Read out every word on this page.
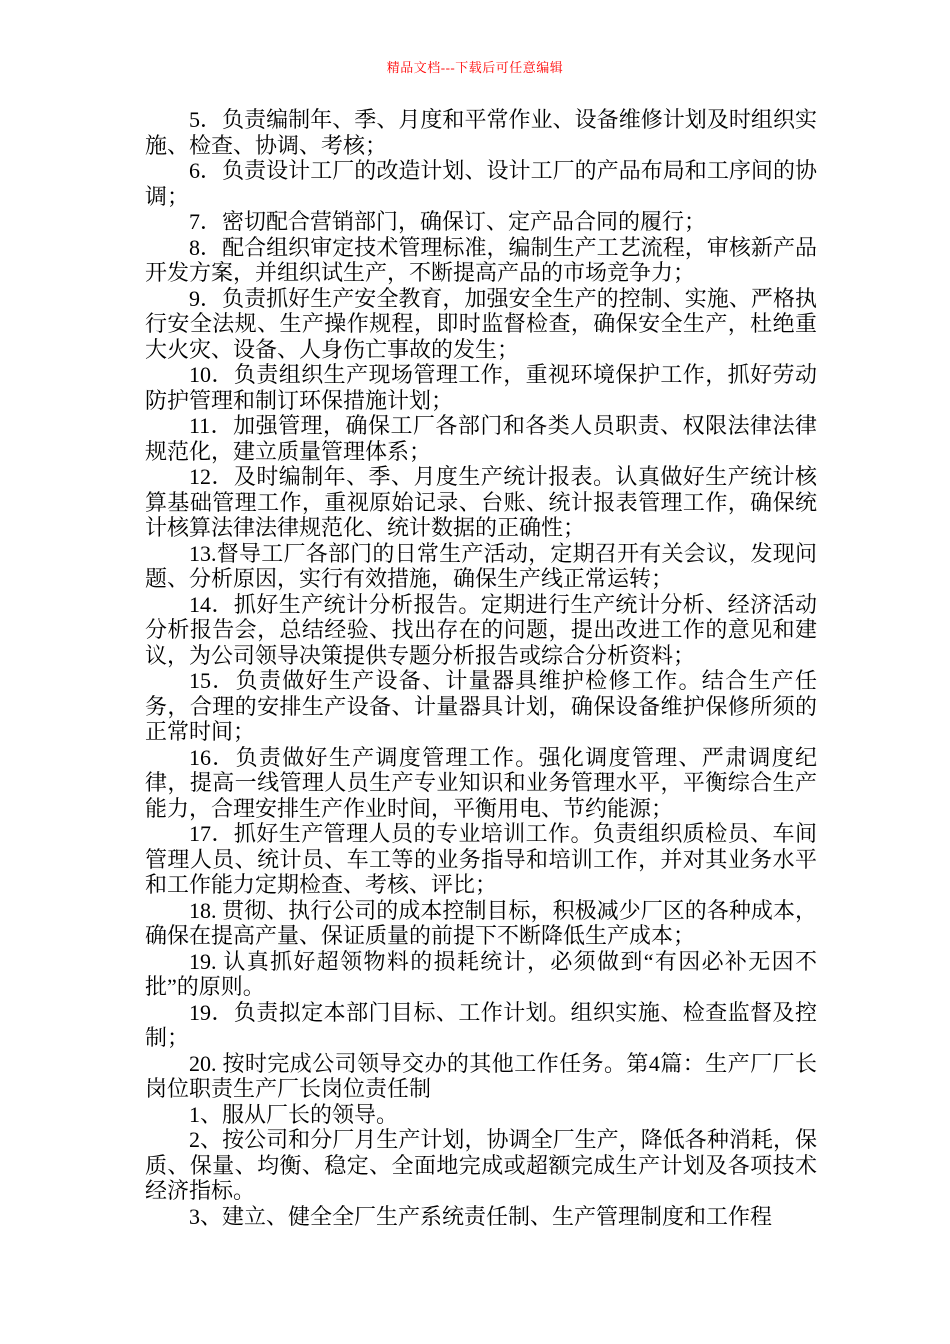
精品文档---下载后可任意编辑

5．负责编制年、季、月度和平常作业、设备维修计划及时组织实施、检查、协调、考核；

6．负责设计工厂的改造计划、设计工厂的产品布局和工序间的协调；

7．密切配合营销部门，确保订、定产品合同的履行；

8．配合组织审定技术管理标准，编制生产工艺流程，审核新产品开发方案，并组织试生产，不断提高产品的市场竞争力；

9．负责抓好生产安全教育，加强安全生产的控制、实施、严格执行安全法规、生产操作规程，即时监督检查，确保安全生产，杜绝重大火灾、设备、人身伤亡事故的发生；

10．负责组织生产现场管理工作，重视环境保护工作，抓好劳动防护管理和制订环保措施计划；

11．加强管理，确保工厂各部门和各类人员职责、权限法律法律规范化，建立质量管理体系；

12．及时编制年、季、月度生产统计报表。认真做好生产统计核算基础管理工作，重视原始记录、台账、统计报表管理工作，确保统计核算法律法律规范化、统计数据的正确性；

13.督导工厂各部门的日常生产活动，定期召开有关会议，发现问题、分析原因，实行有效措施，确保生产线正常运转；

14．抓好生产统计分析报告。定期进行生产统计分析、经济活动分析报告会，总结经验、找出存在的问题，提出改进工作的意见和建议，为公司领导决策提供专题分析报告或综合分析资料；

15．负责做好生产设备、计量器具维护检修工作。结合生产任务，合理的安排生产设备、计量器具计划，确保设备维护保修所须的正常时间；

16．负责做好生产调度管理工作。强化调度管理、严肃调度纪律，提高一线管理人员生产专业知识和业务管理水平，平衡综合生产能力，合理安排生产作业时间，平衡用电、节约能源；

17．抓好生产管理人员的专业培训工作。负责组织质检员、车间管理人员、统计员、车工等的业务指导和培训工作，并对其业务水平和工作能力定期检查、考核、评比；

18. 贯彻、执行公司的成本控制目标，积极减少厂区的各种成本，确保在提高产量、保证质量的前提下不断降低生产成本；

19. 认真抓好超领物料的损耗统计，必须做到“有因必补无因不批”的原则。

19．负责拟定本部门目标、工作计划。组织实施、检查监督及控制；

20. 按时完成公司领导交办的其他工作任务。第4篇：生产厂厂长岗位职责生产厂长岗位责任制

1、服从厂长的领导。

2、按公司和分厂月生产计划，协调全厂生产，降低各种消耗，保质、保量、均衡、稳定、全面地完成或超额完成生产计划及各项技术经济指标。

3、建立、健全全厂生产系统责任制、生产管理制度和工作程
